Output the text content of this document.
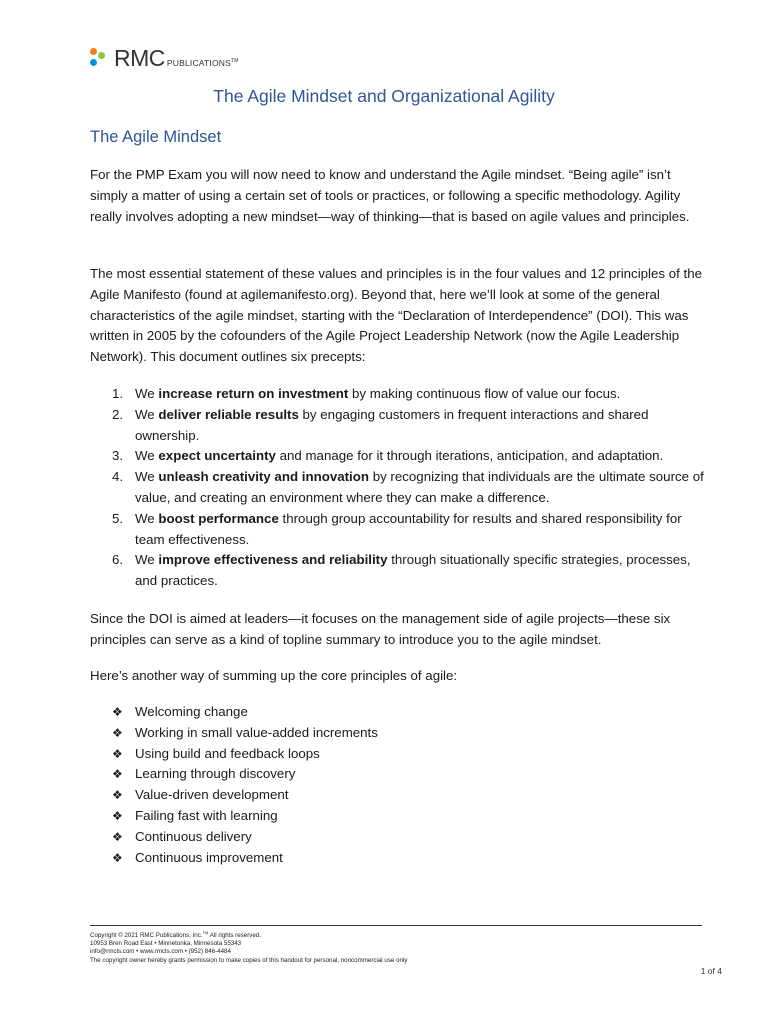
RMC PUBLICATIONS™
The Agile Mindset and Organizational Agility
The Agile Mindset

For the PMP Exam you will now need to know and understand the Agile mindset. “Being agile” isn’t simply a matter of using a certain set of tools or practices, or following a specific methodology. Agility really involves adopting a new mindset—way of thinking—that is based on agile values and principles.

The most essential statement of these values and principles is in the four values and 12 principles of the Agile Manifesto (found at agilemanifesto.org). Beyond that, here we’ll look at some of the general characteristics of the agile mindset, starting with the “Declaration of Interdependence” (DOI). This was written in 2005 by the cofounders of the Agile Project Leadership Network (now the Agile Leadership Network). This document outlines six precepts:

1. We increase return on investment by making continuous flow of value our focus.
2. We deliver reliable results by engaging customers in frequent interactions and shared ownership.
3. We expect uncertainty and manage for it through iterations, anticipation, and adaptation.
4. We unleash creativity and innovation by recognizing that individuals are the ultimate source of value, and creating an environment where they can make a difference.
5. We boost performance through group accountability for results and shared responsibility for team effectiveness.
6. We improve effectiveness and reliability through situationally specific strategies, processes, and practices.

Since the DOI is aimed at leaders—it focuses on the management side of agile projects—these six principles can serve as a kind of topline summary to introduce you to the agile mindset.

Here’s another way of summing up the core principles of agile:

❖ Welcoming change
❖ Working in small value-added increments
❖ Using build and feedback loops
❖ Learning through discovery
❖ Value-driven development
❖ Failing fast with learning
❖ Continuous delivery
❖ Continuous improvement
Copyright © 2021 RMC Publications, Inc.™ All rights reserved.
10953 Bren Road East • Minnetonka, Minnesota 55343
info@rmcls.com • www.rmcls.com • (952) 846-4484
The copyright owner hereby grants permission to make copies of this handout for personal, noncommercial use only
1 of 4
